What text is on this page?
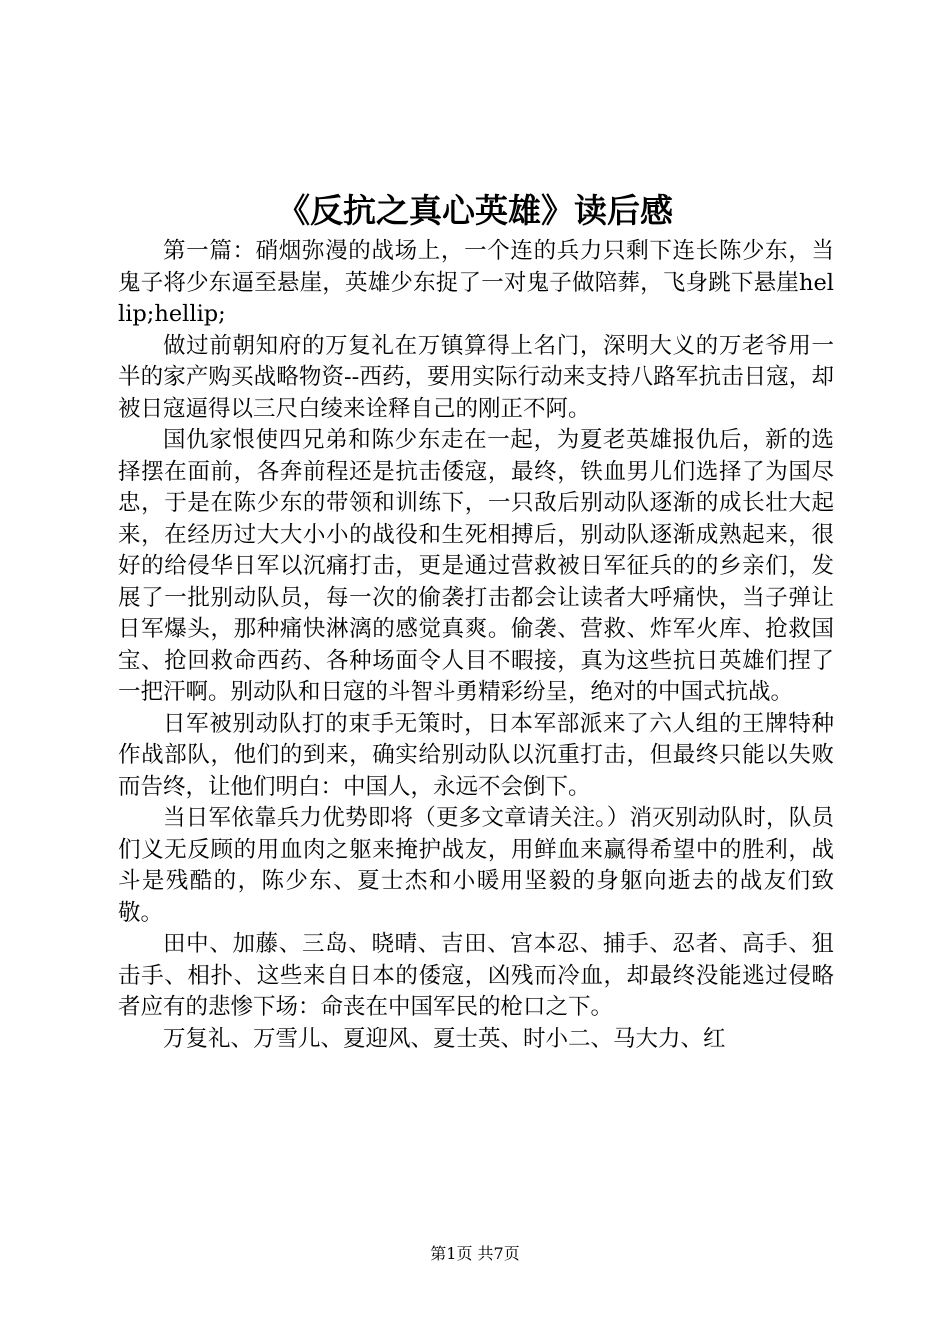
《反抗之真心英雄》读后感

第一篇：硝烟弥漫的战场上，一个连的兵力只剩下连长陈少东，当鬼子将少东逼至悬崖，英雄少东捉了一对鬼子做陪葬，飞身跳下悬崖hellip;hellip;

做过前朝知府的万复礼在万镇算得上名门，深明大义的万老爷用一半的家产购买战略物资--西药，要用实际行动来支持八路军抗击日寇，却被日寇逼得以三尺白绫来诠释自己的刚正不阿。

国仇家恨使四兄弟和陈少东走在一起，为夏老英雄报仇后，新的选择摆在面前，各奔前程还是抗击倭寇，最终，铁血男儿们选择了为国尽忠，于是在陈少东的带领和训练下，一只敌后别动队逐渐的成长壮大起来，在经历过大大小小的战役和生死相搏后，别动队逐渐成熟起来，很好的给侵华日军以沉痛打击，更是通过营救被日军征兵的的乡亲们，发展了一批别动队员，每一次的偷袭打击都会让读者大呼痛快，当子弹让日军爆头，那种痛快淋漓的感觉真爽。偷袭、营救、炸军火库、抢救国宝、抢回救命西药、各种场面令人目不暇接，真为这些抗日英雄们捏了一把汗啊。别动队和日寇的斗智斗勇精彩纷呈，绝对的中国式抗战。

日军被别动队打的束手无策时，日本军部派来了六人组的王牌特种作战部队，他们的到来，确实给别动队以沉重打击，但最终只能以失败而告终，让他们明白：中国人，永远不会倒下。

当日军依靠兵力优势即将（更多文章请关注。）消灭别动队时，队员们义无反顾的用血肉之躯来掩护战友，用鲜血来赢得希望中的胜利，战斗是残酷的，陈少东、夏士杰和小暖用坚毅的身躯向逝去的战友们致敬。

田中、加藤、三岛、晓晴、吉田、宫本忍、捕手、忍者、高手、狙击手、相扑、这些来自日本的倭寇，凶残而冷血，却最终没能逃过侵略者应有的悲惨下场：命丧在中国军民的枪口之下。

万复礼、万雪儿、夏迎风、夏士英、时小二、马大力、红

第1页 共7页
